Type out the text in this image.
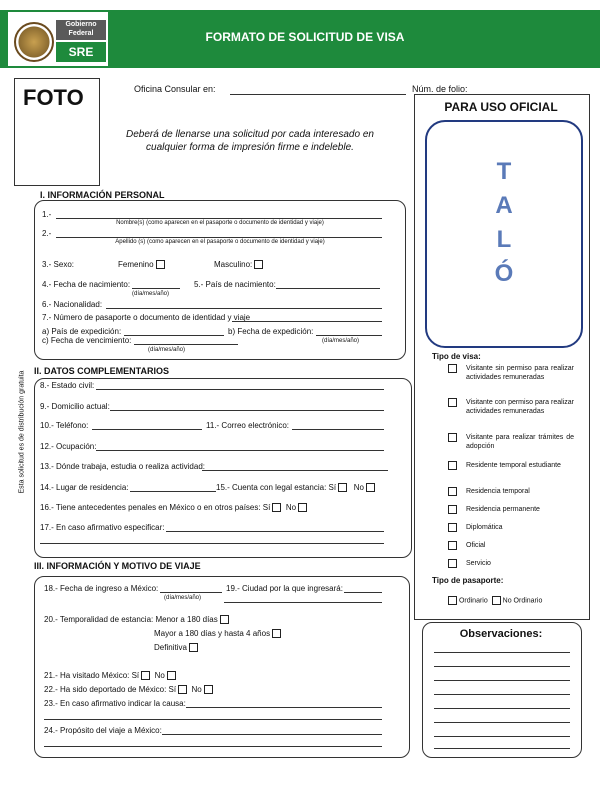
Gobierno Federal
SRE
FORMATO DE SOLICITUD DE VISA
FOTO	Oficina Consular en:	Núm. de folio:
Deberá de llenarse una solicitud por cada interesado en cualquier forma de impresión firme e indeleble.
Esta solicitud es de distribución gratuita
I. INFORMACIÓN PERSONAL
1.-
Nombre(s) (como aparecen en el pasaporte o documento de identidad y viaje)
2.-
Apellido (s) (como aparecen en el pasaporte o documento de identidad y viaje)
3.- Sexo:	Femenino	Masculino:
4.- Fecha de nacimiento:
(día/mes/año)
5.- País de nacimiento:
6.- Nacionalidad:
7.- Número de pasaporte o documento de identidad y viaje
a) País de expedición:	b) Fecha de expedición:
c) Fecha de vencimiento:	(día/mes/año)
(día/mes/año)
II. DATOS COMPLEMENTARIOS
8.- Estado civil:
9.- Domicilio actual:
10.- Teléfono:	11.- Correo electrónico:
12.- Ocupación:
13.- Dónde trabaja, estudia o realiza actividad:
14.- Lugar de residencia:	15.- Cuenta con legal estancia: Sí No
16.- Tiene antecedentes penales en México o en otros países: Sí No
17.- En caso afirmativo especificar:
III. INFORMACIÓN Y MOTIVO DE VIAJE
18.- Fecha de ingreso a México:
(día/mes/año)
19.- Ciudad por la que ingresará:
20.- Temporalidad de estancia: Menor a 180 días
Mayor a 180 días y hasta 4 años
Definitiva
21.- Ha visitado México: Sí No
22.- Ha sido deportado de México: Sí No
23.- En caso afirmativo indicar la causa:
24.- Propósito del viaje a México:
PARA USO OFICIAL
T
A
L
Ó
Tipo de visa:
Visitante sin permiso para realizar actividades remuneradas
Visitante con permiso para realizar actividades remuneradas
Visitante para realizar trámites de adopción
Residente temporal estudiante
Residencia temporal
Residencia permanente
Diplomática
Oficial
Servicio
Tipo de pasaporte:
Ordinario No Ordinario
Observaciones:
